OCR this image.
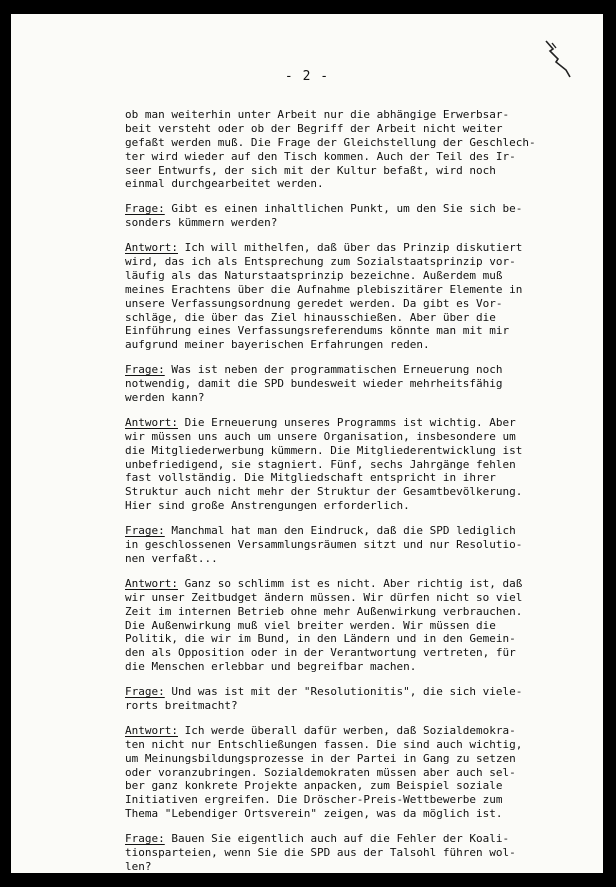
- 2 -
ob man weiterhin unter Arbeit nur die abhängige Erwerbsar-
beit versteht oder ob der Begriff der Arbeit nicht weiter
gefaßt werden muß. Die Frage der Gleichstellung der Geschlech-
ter wird wieder auf den Tisch kommen. Auch der Teil des Ir-
seer Entwurfs, der sich mit der Kultur befaßt, wird noch
einmal durchgearbeitet werden.
Frage: Gibt es einen inhaltlichen Punkt, um den Sie sich be-
sonders kümmern werden?
Antwort: Ich will mithelfen, daß über das Prinzip diskutiert
wird, das ich als Entsprechung zum Sozialstaatsprinzip vor-
läufig als das Naturstaatsprinzip bezeichne. Außerdem muß
meines Erachtens über die Aufnahme plebiszitärer Elemente in
unsere Verfassungsordnung geredet werden. Da gibt es Vor-
schläge, die über das Ziel hinausschießen. Aber über die
Einführung eines Verfassungsreferendums könnte man mit mir
aufgrund meiner bayerischen Erfahrungen reden.
Frage: Was ist neben der programmatischen Erneuerung noch
notwendig, damit die SPD bundesweit wieder mehrheitsfähig
werden kann?
Antwort: Die Erneuerung unseres Programms ist wichtig. Aber
wir müssen uns auch um unsere Organisation, insbesondere um
die Mitgliederwerbung kümmern. Die Mitgliederentwicklung ist
unbefriedigend, sie stagniert. Fünf, sechs Jahrgänge fehlen
fast vollständig. Die Mitgliedschaft entspricht in ihrer
Struktur auch nicht mehr der Struktur der Gesamtbevölkerung.
Hier sind große Anstrengungen erforderlich.
Frage: Manchmal hat man den Eindruck, daß die SPD lediglich
in geschlossenen Versammlungsräumen sitzt und nur Resolutio-
nen verfaßt...
Antwort: Ganz so schlimm ist es nicht. Aber richtig ist, daß
wir unser Zeitbudget ändern müssen. Wir dürfen nicht so viel
Zeit im internen Betrieb ohne mehr Außenwirkung verbrauchen.
Die Außenwirkung muß viel breiter werden. Wir müssen die
Politik, die wir im Bund, in den Ländern und in den Gemein-
den als Opposition oder in der Verantwortung vertreten, für
die Menschen erlebbar und begreifbar machen.
Frage: Und was ist mit der "Resolutionitis", die sich viele-
rorts breitmacht?
Antwort: Ich werde überall dafür werben, daß Sozialdemokra-
ten nicht nur Entschließungen fassen. Die sind auch wichtig,
um Meinungsbildungsprozesse in der Partei in Gang zu setzen
oder voranzubringen. Sozialdemokraten müssen aber auch sel-
ber ganz konkrete Projekte anpacken, zum Beispiel soziale
Initiativen ergreifen. Die Dröscher-Preis-Wettbewerbe zum
Thema "Lebendiger Ortsverein" zeigen, was da möglich ist.
Frage: Bauen Sie eigentlich auch auf die Fehler der Koali-
tionsparteien, wenn Sie die SPD aus der Talsohl führen wol-
len?
